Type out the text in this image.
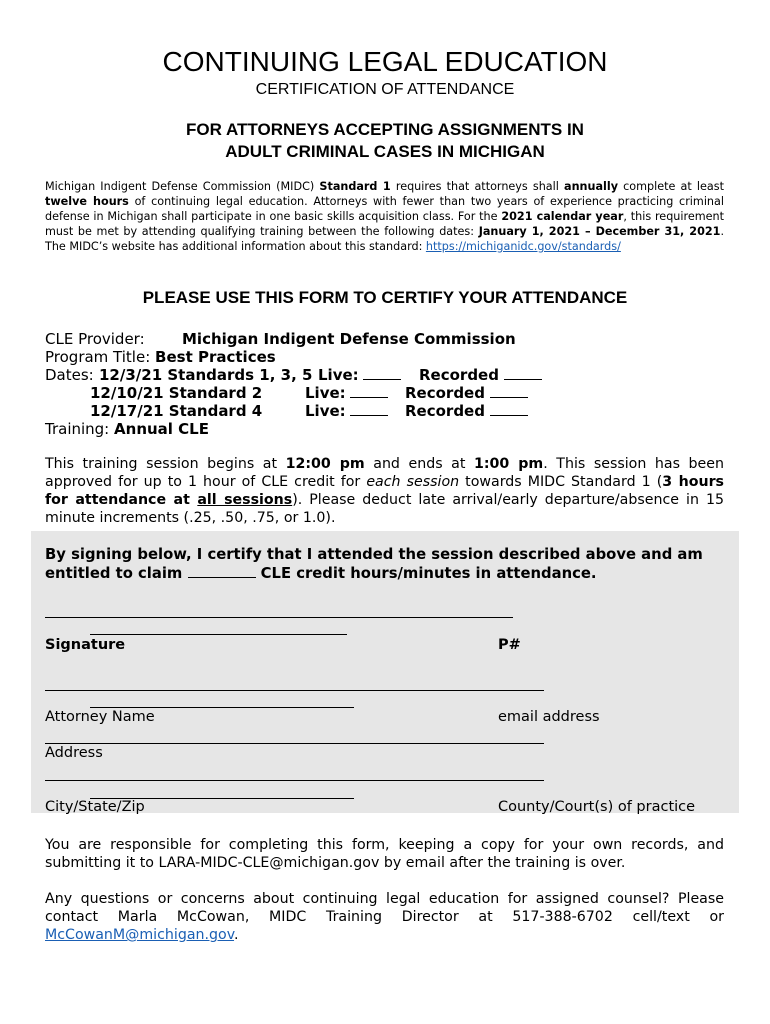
CONTINUING LEGAL EDUCATION
CERTIFICATION OF ATTENDANCE
FOR ATTORNEYS ACCEPTING ASSIGNMENTS IN
ADULT CRIMINAL CASES IN MICHIGAN
Michigan Indigent Defense Commission (MIDC) Standard 1 requires that attorneys shall annually complete at least twelve hours of continuing legal education. Attorneys with fewer than two years of experience practicing criminal defense in Michigan shall participate in one basic skills acquisition class. For the 2021 calendar year, this requirement must be met by attending qualifying training between the following dates: January 1, 2021 – December 31, 2021. The MIDC’s website has additional information about this standard: https://michiganidc.gov/standards/
PLEASE USE THIS FORM TO CERTIFY YOUR ATTENDANCE
CLE Provider: Michigan Indigent Defense Commission
Program Title: Best Practices
Dates: 12/3/21 Standards 1, 3, 5 Live:	Recorded
12/10/21 Standard 2	Live:	Recorded
12/17/21 Standard 4	Live:	Recorded
Training: Annual CLE
This training session begins at 12:00 pm and ends at 1:00 pm. This session has been approved for up to 1 hour of CLE credit for each session towards MIDC Standard 1 (3 hours for attendance at all sessions). Please deduct late arrival/early departure/absence in 15 minute increments (.25, .50, .75, or 1.0).
By signing below, I certify that I attended the session described above and am
entitled to claim	CLE credit hours/minutes in attendance.
Signature	P#
Attorney Name	email address
Address
City/State/Zip	County/Court(s) of practice
You are responsible for completing this form, keeping a copy for your own records, and submitting it to LARA-MIDC-CLE@michigan.gov by email after the training is over.
Any questions or concerns about continuing legal education for assigned counsel? Please contact Marla McCowan, MIDC Training Director at 517-388-6702 cell/text or McCowanM@michigan.gov.
